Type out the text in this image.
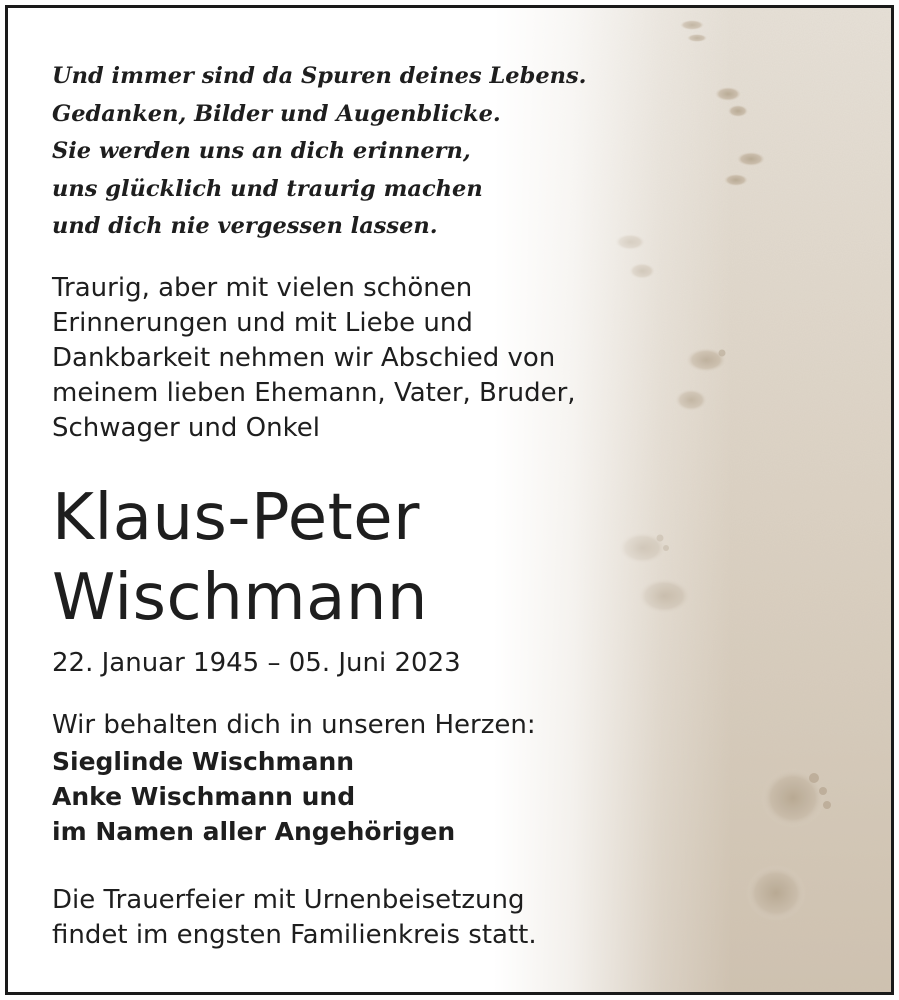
Und immer sind da Spuren deines Lebens.
Gedanken, Bilder und Augenblicke.
Sie werden uns an dich erinnern,
uns glücklich und traurig machen
und dich nie vergessen lassen.
Traurig, aber mit vielen schönen
Erinnerungen und mit Liebe und
Dankbarkeit nehmen wir Abschied von
meinem lieben Ehemann, Vater, Bruder,
Schwager und Onkel
Klaus-Peter
Wischmann
22. Januar 1945 – 05. Juni 2023
Wir behalten dich in unseren Herzen:
Sieglinde Wischmann
Anke Wischmann und
im Namen aller Angehörigen
Die Trauerfeier mit Urnenbeisetzung
findet im engsten Familienkreis statt.
